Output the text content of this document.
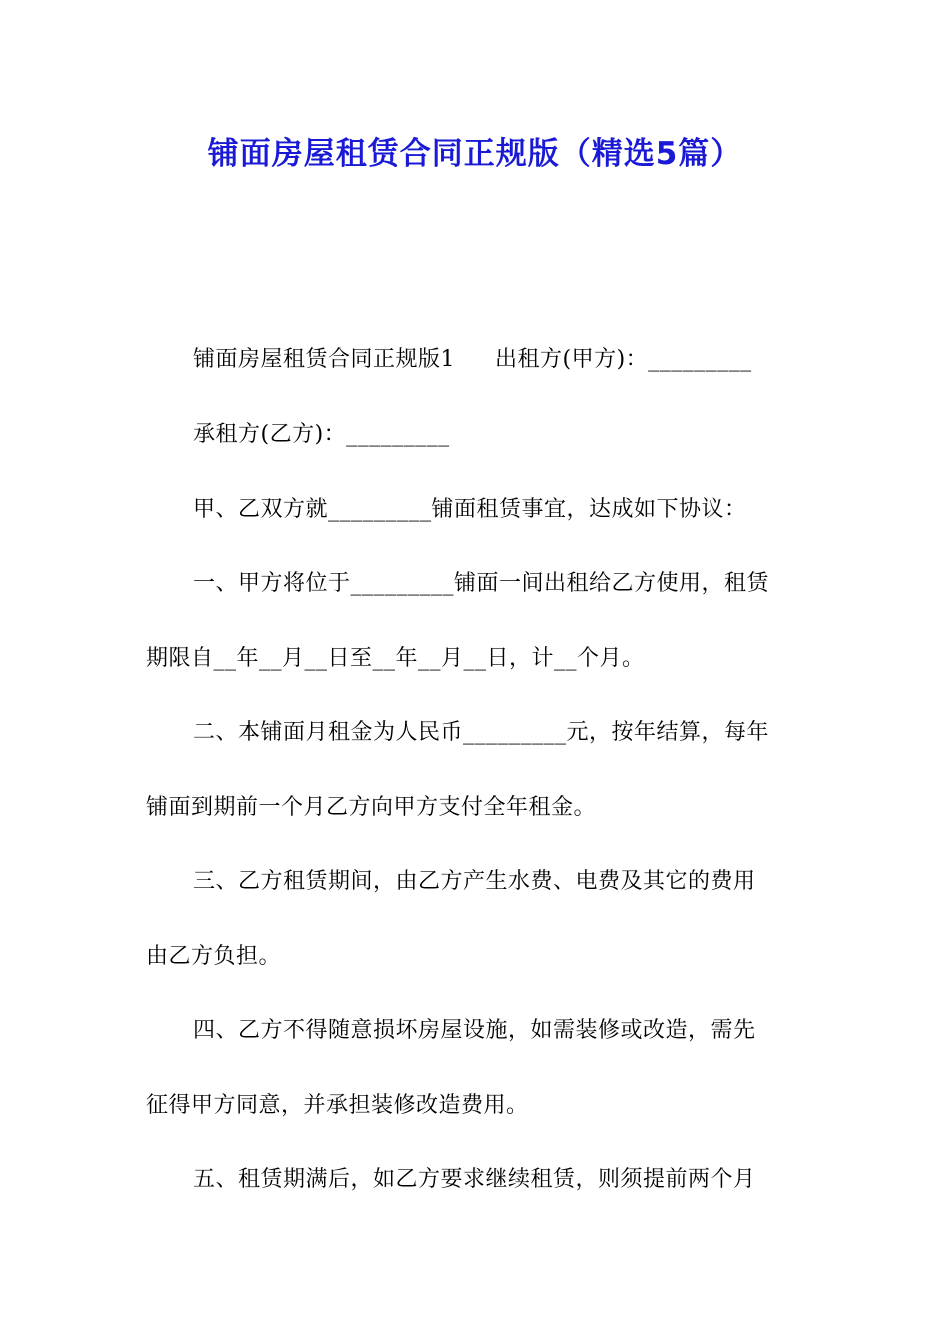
铺面房屋租赁合同正规版（精选5篇）
铺面房屋租赁合同正规版1 出租方(甲方)：_________
承租方(乙方)：_________
甲、乙双方就_________铺面租赁事宜，达成如下协议：
一、甲方将位于_________铺面一间出租给乙方使用，租赁
期限自__年__月__日至__年__月__日，计__个月。
二、本铺面月租金为人民币_________元，按年结算，每年
铺面到期前一个月乙方向甲方支付全年租金。
三、乙方租赁期间，由乙方产生水费、电费及其它的费用
由乙方负担。
四、乙方不得随意损坏房屋设施，如需装修或改造，需先
征得甲方同意，并承担装修改造费用。
五、租赁期满后，如乙方要求继续租赁，则须提前两个月
